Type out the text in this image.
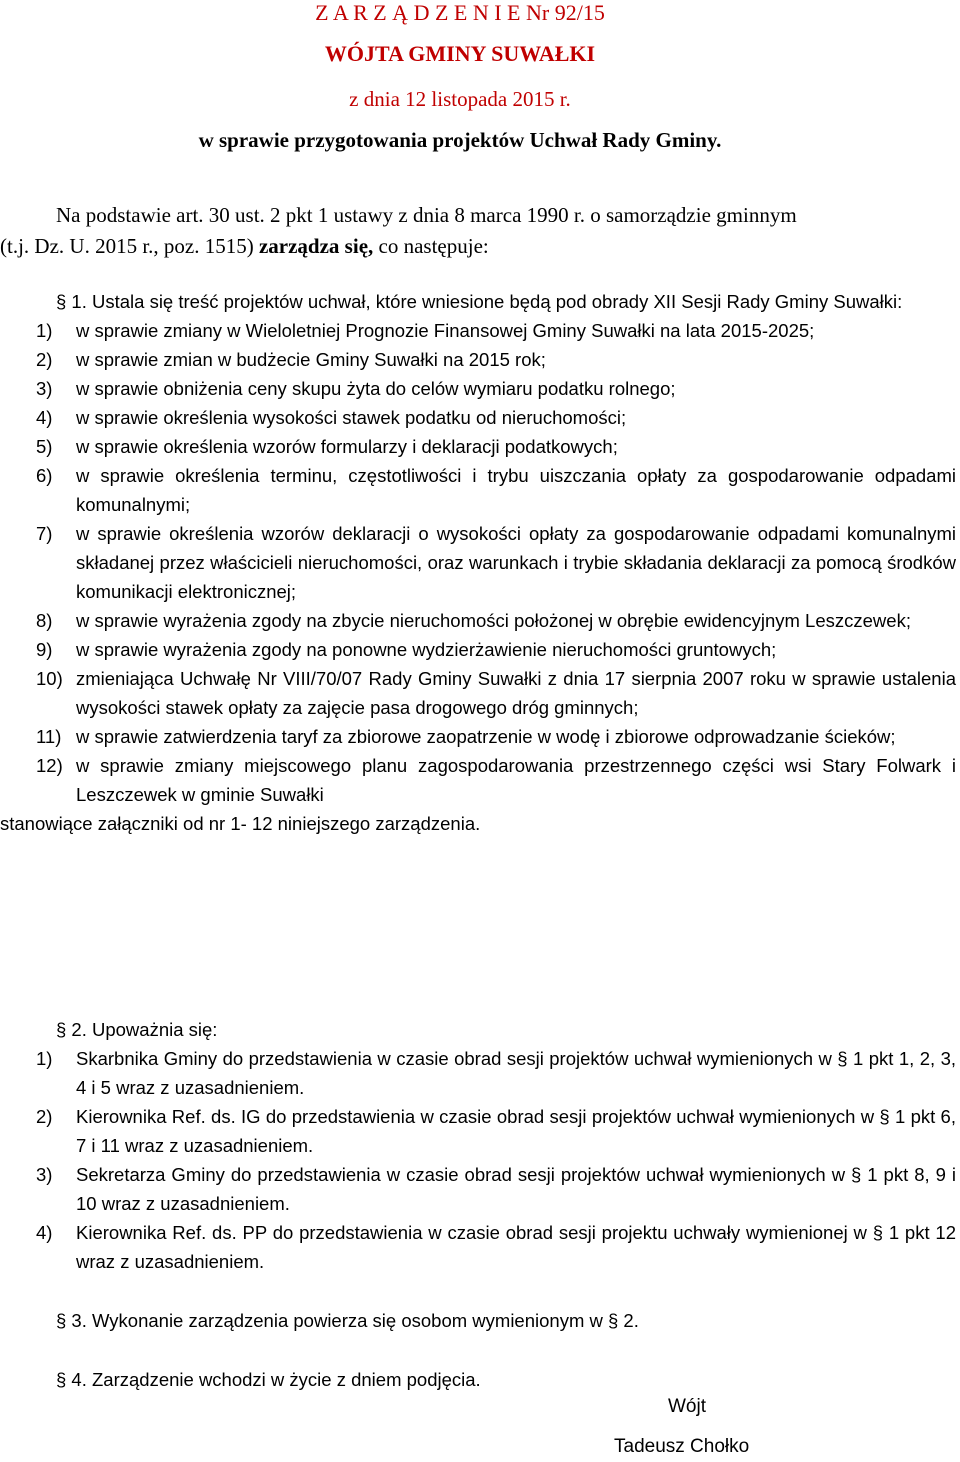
Z A R Z Ą D Z E N I E Nr 92/15
WÓJTA GMINY SUWAŁKI
z dnia 12 listopada 2015 r.
w sprawie przygotowania projektów Uchwał Rady Gminy.

Na podstawie art. 30 ust. 2 pkt 1 ustawy z dnia 8 marca 1990 r. o samorządzie gminnym
(t.j. Dz. U. 2015 r., poz. 1515) zarządza się, co następuje:

§ 1. Ustala się treść projektów uchwał, które wniesione będą pod obrady XII Sesji Rady Gminy Suwałki:

1) w sprawie zmiany w Wieloletniej Prognozie Finansowej Gminy Suwałki na lata 2015-2025;
2) w sprawie zmian w budżecie Gminy Suwałki na 2015 rok;
3) w sprawie obniżenia ceny skupu żyta do celów wymiaru podatku rolnego;
4) w sprawie określenia wysokości stawek podatku od nieruchomości;
5) w sprawie określenia wzorów formularzy i deklaracji podatkowych;
6) w sprawie określenia terminu, częstotliwości i trybu uiszczania opłaty za gospodarowanie odpadami komunalnymi;
7) w sprawie określenia wzorów deklaracji o wysokości opłaty za gospodarowanie odpadami komunalnymi składanej przez właścicieli nieruchomości, oraz warunkach i trybie składania deklaracji za pomocą środków komunikacji elektronicznej;
8) w sprawie wyrażenia zgody na zbycie nieruchomości położonej w obrębie ewidencyjnym Leszczewek;
9) w sprawie wyrażenia zgody na ponowne wydzierżawienie nieruchomości gruntowych;
10) zmieniająca Uchwałę Nr VIII/70/07 Rady Gminy Suwałki z dnia 17 sierpnia 2007 roku w sprawie ustalenia wysokości stawek opłaty za zajęcie pasa drogowego dróg gminnych;
11) w sprawie zatwierdzenia taryf za zbiorowe zaopatrzenie w wodę i zbiorowe odprowadzanie ścieków;
12) w sprawie zmiany miejscowego planu zagospodarowania przestrzennego części wsi Stary Folwark i Leszczewek w gminie Suwałki

stanowiące załączniki od nr 1- 12 niniejszego zarządzenia.

§ 2. Upoważnia się:

1) Skarbnika Gminy do przedstawienia w czasie obrad sesji projektów uchwał wymienionych w § 1 pkt 1, 2, 3, 4 i 5 wraz z uzasadnieniem.
2) Kierownika Ref. ds. IG do przedstawienia w czasie obrad sesji projektów uchwał wymienionych w § 1 pkt 6, 7 i 11 wraz z uzasadnieniem.
3) Sekretarza Gminy do przedstawienia w czasie obrad sesji projektów uchwał wymienionych w § 1 pkt 8, 9 i 10 wraz z uzasadnieniem.
4) Kierownika Ref. ds. PP do przedstawienia w czasie obrad sesji projektu uchwały wymienionej w § 1 pkt 12 wraz z uzasadnieniem.
§ 3. Wykonanie zarządzenia powierza się osobom wymienionym w § 2.
§ 4. Zarządzenie wchodzi w życie z dniem podjęcia.
Wójt
Tadeusz Chołko
